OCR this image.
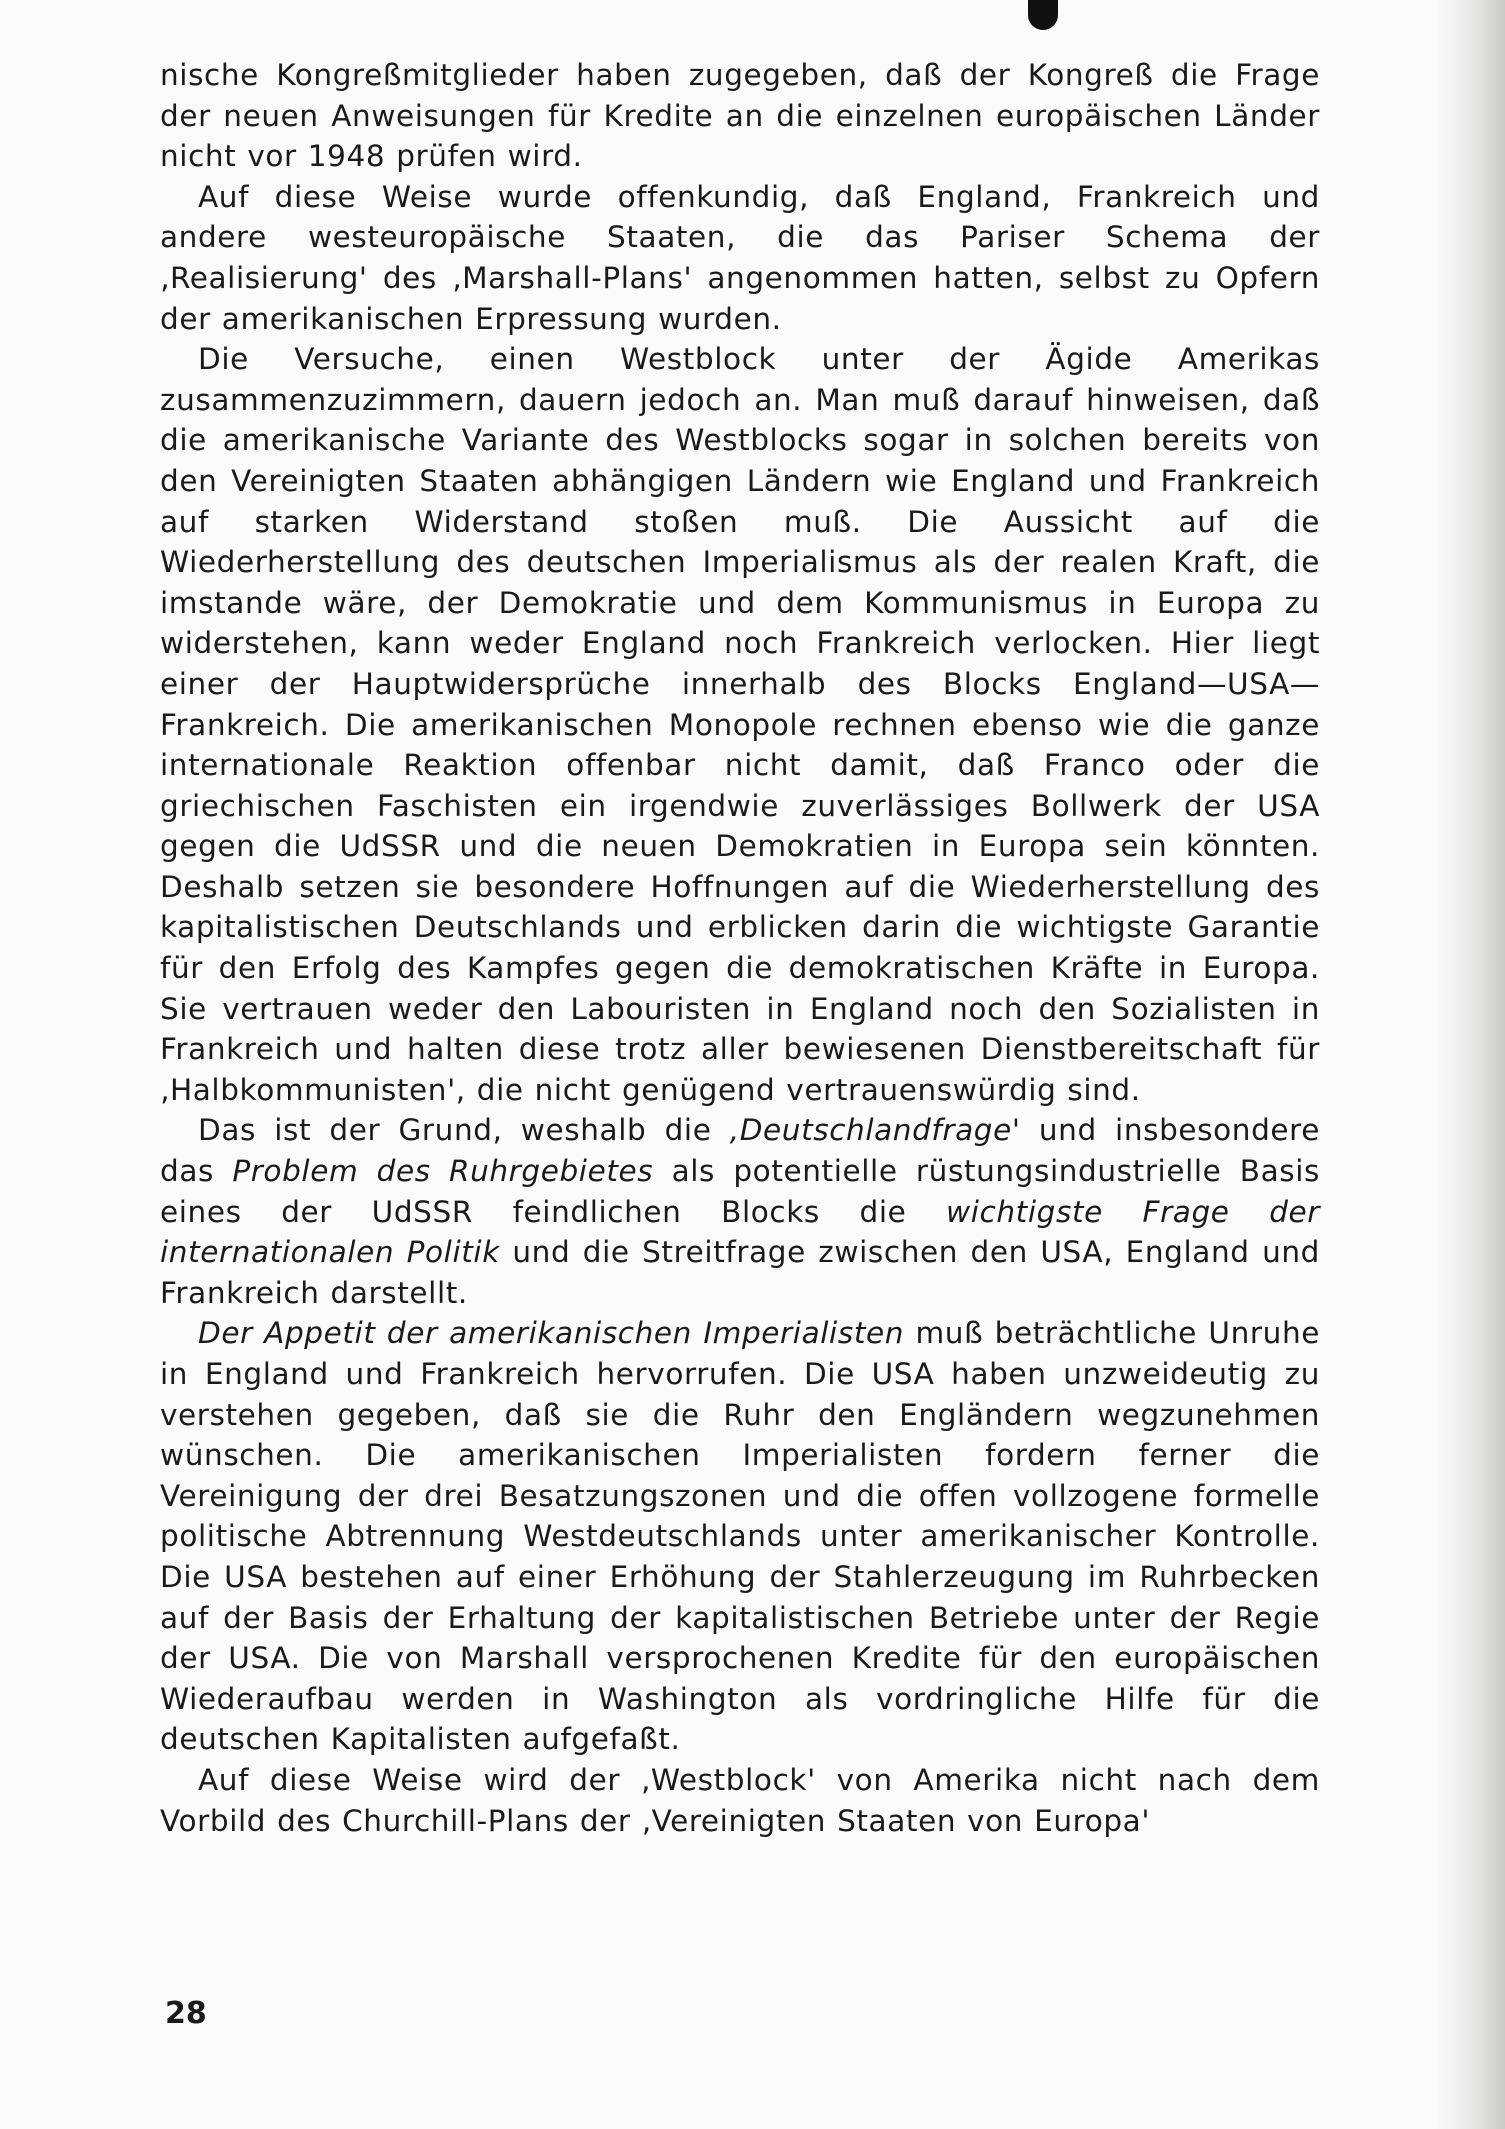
nische Kongreßmitglieder haben zugegeben, daß der Kongreß die Frage der neuen Anweisungen für Kredite an die einzelnen europäischen Länder nicht vor 1948 prüfen wird.

Auf diese Weise wurde offenkundig, daß England, Frankreich und andere westeuropäische Staaten, die das Pariser Schema der ‚Realisierung' des ‚Marshall-Plans' angenommen hatten, selbst zu Opfern der amerikanischen Erpressung wurden.

Die Versuche, einen Westblock unter der Ägide Amerikas zusammenzuzimmern, dauern jedoch an. Man muß darauf hinweisen, daß die amerikanische Variante des Westblocks sogar in solchen bereits von den Vereinigten Staaten abhängigen Ländern wie England und Frankreich auf starken Widerstand stoßen muß. Die Aussicht auf die Wiederherstellung des deutschen Imperialismus als der realen Kraft, die imstande wäre, der Demokratie und dem Kommunismus in Europa zu widerstehen, kann weder England noch Frankreich verlocken. Hier liegt einer der Hauptwidersprüche innerhalb des Blocks England—USA—Frankreich. Die amerikanischen Monopole rechnen ebenso wie die ganze internationale Reaktion offenbar nicht damit, daß Franco oder die griechischen Faschisten ein irgendwie zuverlässiges Bollwerk der USA gegen die UdSSR und die neuen Demokratien in Europa sein könnten. Deshalb setzen sie besondere Hoffnungen auf die Wiederherstellung des kapitalistischen Deutschlands und erblicken darin die wichtigste Garantie für den Erfolg des Kampfes gegen die demokratischen Kräfte in Europa. Sie vertrauen weder den Labouristen in England noch den Sozialisten in Frankreich und halten diese trotz aller bewiesenen Dienstbereitschaft für ‚Halbkommunisten', die nicht genügend vertrauenswürdig sind.

Das ist der Grund, weshalb die ‚Deutschlandfrage' und insbesondere das Problem des Ruhrgebietes als potentielle rüstungsindustrielle Basis eines der UdSSR feindlichen Blocks die wichtigste Frage der internationalen Politik und die Streitfrage zwischen den USA, England und Frankreich darstellt.

Der Appetit der amerikanischen Imperialisten muß beträchtliche Unruhe in England und Frankreich hervorrufen. Die USA haben unzweideutig zu verstehen gegeben, daß sie die Ruhr den Engländern wegzunehmen wünschen. Die amerikanischen Imperialisten fordern ferner die Vereinigung der drei Besatzungszonen und die offen vollzogene formelle politische Abtrennung Westdeutschlands unter amerikanischer Kontrolle. Die USA bestehen auf einer Erhöhung der Stahlerzeugung im Ruhrbecken auf der Basis der Erhaltung der kapitalistischen Betriebe unter der Regie der USA. Die von Marshall versprochenen Kredite für den europäischen Wiederaufbau werden in Washington als vordringliche Hilfe für die deutschen Kapitalisten aufgefaßt.

Auf diese Weise wird der ‚Westblock' von Amerika nicht nach dem Vorbild des Churchill-Plans der ‚Vereinigten Staaten von Europa'

28
